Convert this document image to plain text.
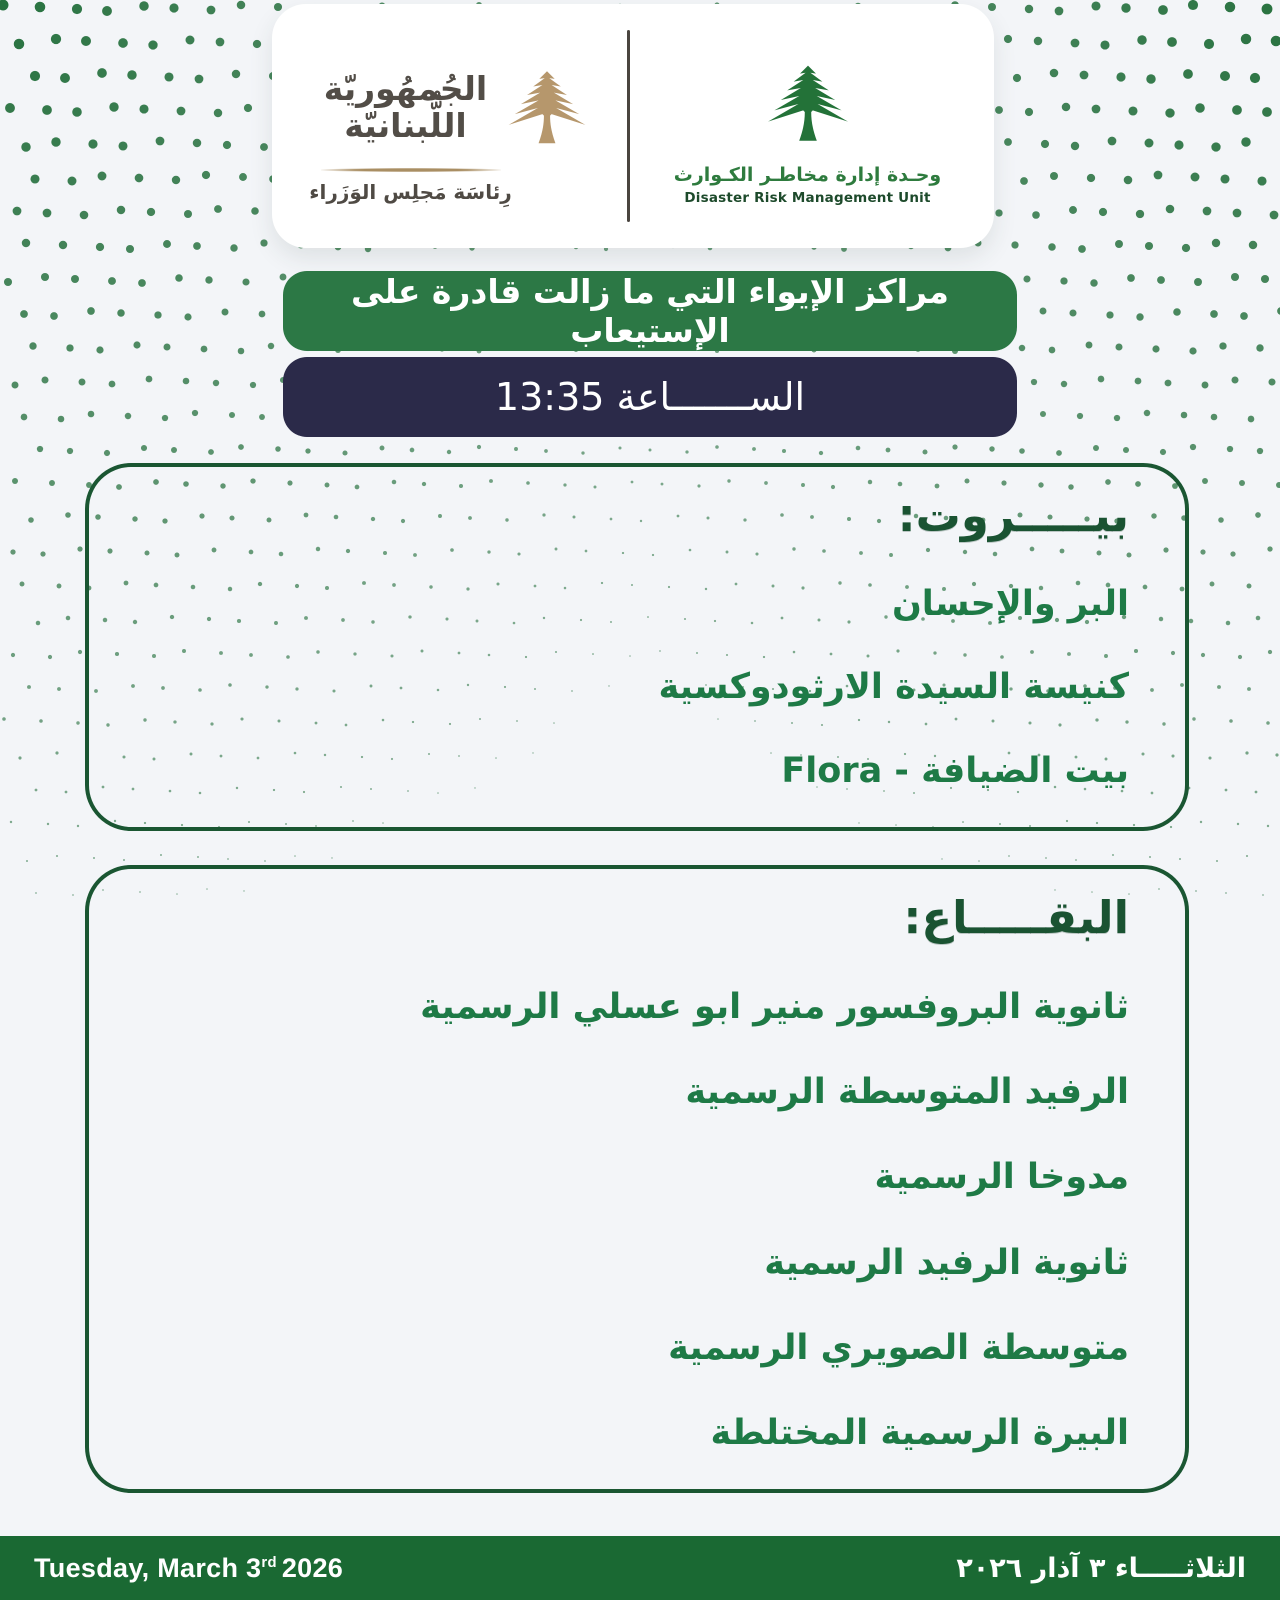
الجُمهُوريّة
اللُّبنانيّة
رِئاسَة مَجلِس الوَزَراء
وحـدة إدارة مخاطـر الكـوارث
Disaster Risk Management Unit
مراكز الإيواء التي ما زالت قادرة على الإستيعاب
الســـــــاعة 13:35
بيـــــروت:
البر والإحسان
كنيسة السيدة الارثودوكسية
بيت الضيافة - Flora
البقـــــاع:
ثانوية البروفسور منير ابو عسلي الرسمية
الرفيد المتوسطة الرسمية
مدوخا الرسمية
ثانوية الرفيد الرسمية
متوسطة الصويري الرسمية
البيرة الرسمية المختلطة
Tuesday, March 3rd 2026	الثلاثـــــاء ٣ آذار ٢٠٢٦
